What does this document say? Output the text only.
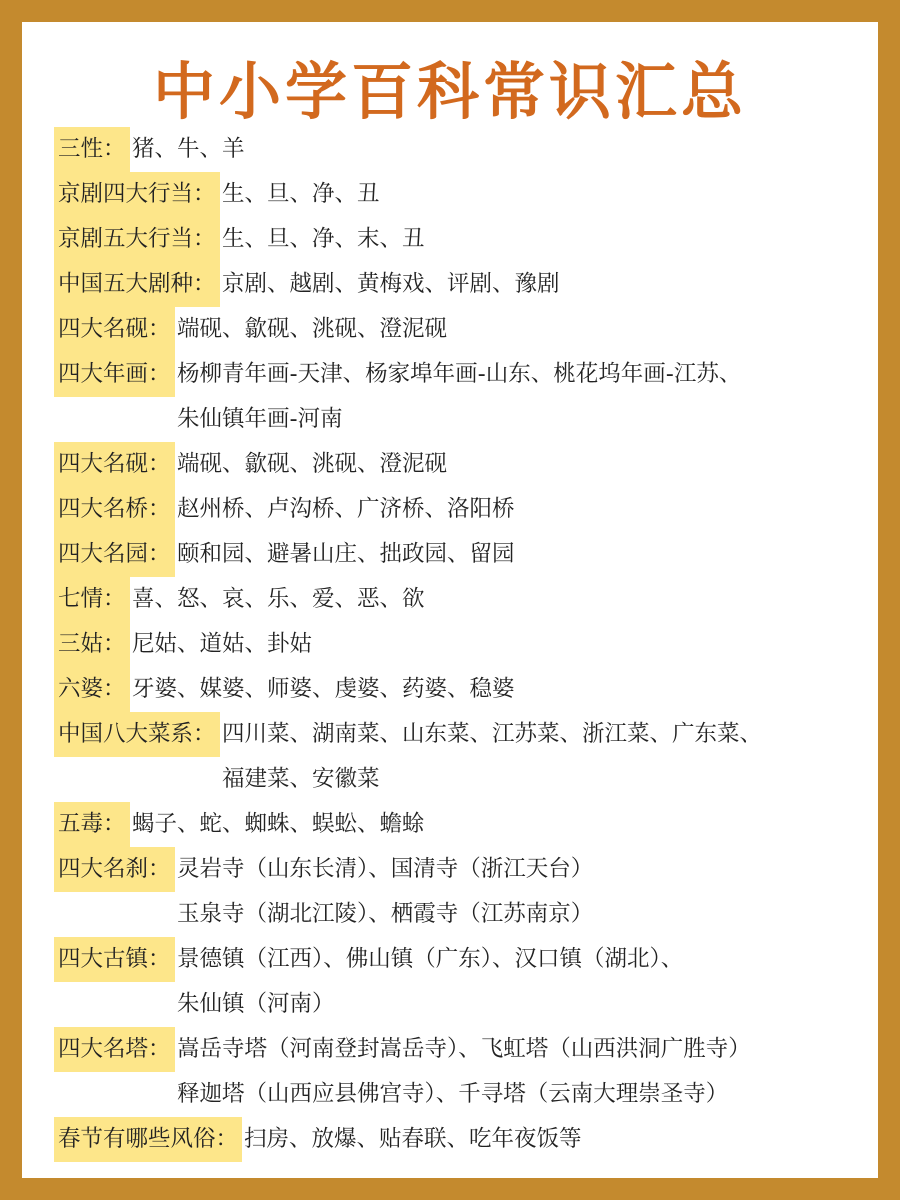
中小学百科常识汇总
三性： 猪、牛、羊
京剧四大行当： 生、旦、净、丑
京剧五大行当： 生、旦、净、末、丑
中国五大剧种： 京剧、越剧、黄梅戏、评剧、豫剧
四大名砚： 端砚、歙砚、洮砚、澄泥砚
四大年画： 杨柳青年画-天津、杨家埠年画-山东、桃花坞年画-江苏、
朱仙镇年画-河南
四大名砚： 端砚、歙砚、洮砚、澄泥砚
四大名桥： 赵州桥、卢沟桥、广济桥、洛阳桥
四大名园： 颐和园、避暑山庄、拙政园、留园
七情： 喜、怒、哀、乐、爱、恶、欲
三姑： 尼姑、道姑、卦姑
六婆： 牙婆、媒婆、师婆、虔婆、药婆、稳婆
中国八大菜系： 四川菜、湖南菜、山东菜、江苏菜、浙江菜、广东菜、
福建菜、安徽菜
五毒： 蝎子、蛇、蜘蛛、蜈蚣、蟾蜍
四大名刹： 灵岩寺（山东长清）、国清寺（浙江天台）
玉泉寺（湖北江陵）、栖霞寺（江苏南京）
四大古镇： 景德镇（江西）、佛山镇（广东）、汉口镇（湖北）、
朱仙镇（河南）
四大名塔： 嵩岳寺塔（河南登封嵩岳寺）、飞虹塔（山西洪洞广胜寺）
释迦塔（山西应县佛宫寺）、千寻塔（云南大理崇圣寺）
春节有哪些风俗： 扫房、放爆、贴春联、吃年夜饭等
